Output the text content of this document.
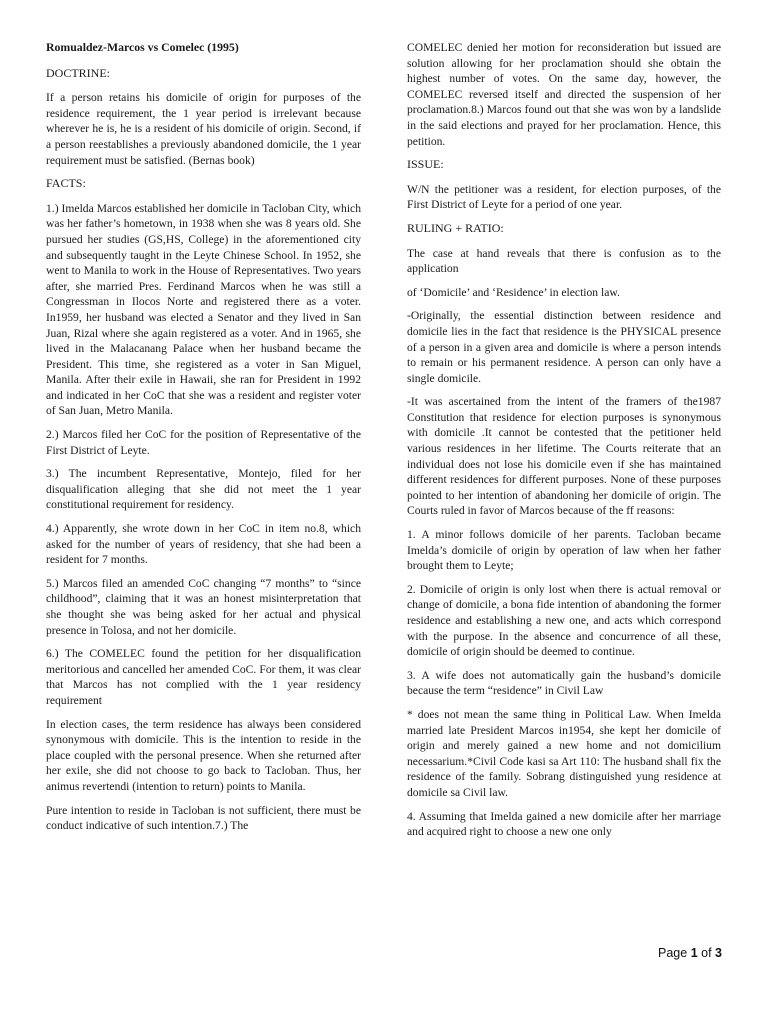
Romualdez-Marcos vs Comelec (1995)

DOCTRINE:

If a person retains his domicile of origin for purposes of the residence requirement, the 1 year period is irrelevant because wherever he is, he is a resident of his domicile of origin. Second, if a person reestablishes a previously abandoned domicile, the 1 year requirement must be satisfied. (Bernas book)

FACTS:

1.) Imelda Marcos established her domicile in Tacloban City, which was her father’s hometown, in 1938 when she was 8 years old. She pursued her studies (GS,HS, College) in the aforementioned city and subsequently taught in the Leyte Chinese School. In 1952, she went to Manila to work in the House of Representatives. Two years after, she married Pres. Ferdinand Marcos when he was still a Congressman in Ilocos Norte and registered there as a voter. In1959, her husband was elected a Senator and they lived in San Juan, Rizal where she again registered as a voter. And in 1965, she lived in the Malacanang Palace when her husband became the President. This time, she registered as a voter in San Miguel, Manila. After their exile in Hawaii, she ran for President in 1992 and indicated in her CoC that she was a resident and register voter of San Juan, Metro Manila.

2.) Marcos filed her CoC for the position of Representative of the First District of Leyte.

3.) The incumbent Representative, Montejo, filed for her disqualification alleging that she did not meet the 1 year constitutional requirement for residency.

4.) Apparently, she wrote down in her CoC in item no.8, which asked for the number of years of residency, that she had been a resident for 7 months.

5.) Marcos filed an amended CoC changing “7 months” to “since childhood”, claiming that it was an honest misinterpretation that she thought she was being asked for her actual and physical presence in Tolosa, and not her domicile.

6.) The COMELEC found the petition for her disqualification meritorious and cancelled her amended CoC. For them, it was clear that Marcos has not complied with the 1 year residency requirement

In election cases, the term residence has always been considered synonymous with domicile. This is the intention to reside in the place coupled with the personal presence. When she returned after her exile, she did not choose to go back to Tacloban. Thus, her animus revertendi (intention to return) points to Manila.

Pure intention to reside in Tacloban is not sufficient, there must be conduct indicative of such intention.7.) The

COMELEC denied her motion for reconsideration but issued are solution allowing for her proclamation should she obtain the highest number of votes. On the same day, however, the COMELEC reversed itself and directed the suspension of her proclamation.8.) Marcos found out that she was won by a landslide in the said elections and prayed for her proclamation. Hence, this petition.

ISSUE:

W/N the petitioner was a resident, for election purposes, of the First District of Leyte for a period of one year.

RULING + RATIO:

The case at hand reveals that there is confusion as to the application

of ‘Domicile’ and ‘Residence’ in election law.

-Originally, the essential distinction between residence and domicile lies in the fact that residence is the PHYSICAL presence of a person in a given area and domicile is where a person intends to remain or his permanent residence. A person can only have a single domicile.

-It was ascertained from the intent of the framers of the1987 Constitution that residence for election purposes is synonymous with domicile .It cannot be contested that the petitioner held various residences in her lifetime. The Courts reiterate that an individual does not lose his domicile even if she has maintained different residences for different purposes. None of these purposes pointed to her intention of abandoning her domicile of origin. The Courts ruled in favor of Marcos because of the ff reasons:

1. A minor follows domicile of her parents. Tacloban became Imelda’s domicile of origin by operation of law when her father brought them to Leyte;

2. Domicile of origin is only lost when there is actual removal or change of domicile, a bona fide intention of abandoning the former residence and establishing a new one, and acts which correspond with the purpose. In the absence and concurrence of all these, domicile of origin should be deemed to continue.

3. A wife does not automatically gain the husband’s domicile because the term “residence” in Civil Law

* does not mean the same thing in Political Law. When Imelda married late President Marcos in1954, she kept her domicile of origin and merely gained a new home and not domicilium necessarium.*Civil Code kasi sa Art 110: The husband shall fix the residence of the family. Sobrang distinguished yung residence at domicile sa Civil law.

4. Assuming that Imelda gained a new domicile after her marriage and acquired right to choose a new one only

Page 1 of 3
